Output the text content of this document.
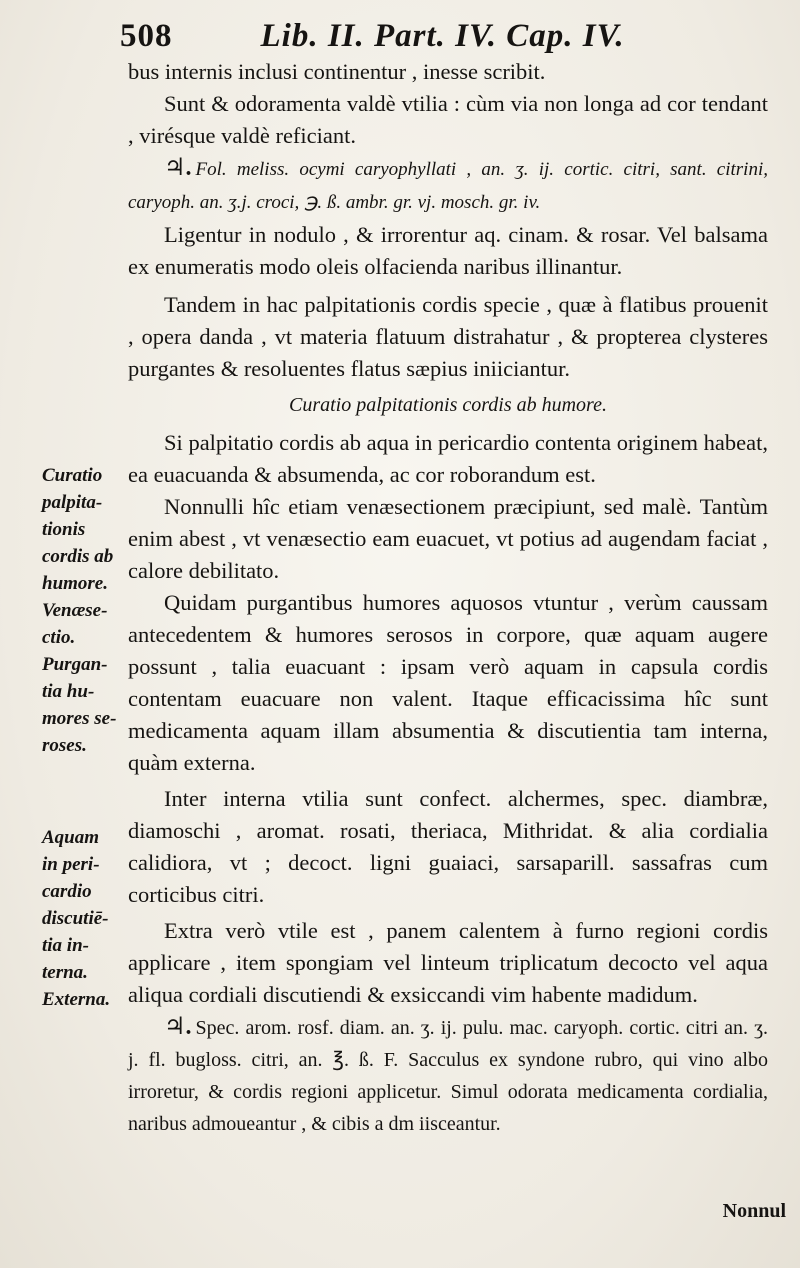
508	Lib. II. Part. IV. Cap. IV.

bus internis inclusi continentur , inesse scribit.

Sunt & odoramenta valdè vtilia : cùm via non longa ad cor tendant , virésque valdè reficiant.

♃. Fol. meliss. ocymi caryophyllati , an. ʒ. ij. cortic. citri, sant. citrini, caryoph. an. ʒ.j. croci, ℈. ß. ambr. gr. vj. mosch. gr. iv.

Ligentur in nodulo , & irrorentur aq. cinam. & rosar. Vel balsama ex enumeratis modo oleis olfacienda naribus illinantur.

Tandem in hac palpitationis cordis specie , quæ à flatibus prouenit , opera danda , vt materia flatuum distrahatur , & propterea clysteres purgantes & resoluentes flatus sæpius iniiciantur.

Curatio palpitationis cordis ab humore.

Si palpitatio cordis ab aqua in pericardio contenta originem habeat, ea euacuanda & absumenda, ac cor roborandum est.

Nonnulli hîc etiam venæsectionem præcipiunt, sed malè. Tantùm enim abest , vt venæsectio eam euacuet, vt potius ad augendam faciat , calore debilitato.

Quidam purgantibus humores aquosos vtuntur , verùm caussam antecedentem & humores serosos in corpore, quæ aquam augere possunt , talia euacuant : ipsam verò aquam in capsula cordis contentam euacuare non valent. Itaque efficacissima hîc sunt medicamenta aquam illam absumentia & discutientia tam interna, quàm externa.

Inter interna vtilia sunt confect. alchermes, spec. diambræ, diamoschi , aromat. rosati, theriaca, Mithridat. & alia cordialia calidiora, vt ; decoct. ligni guaiaci, sarsaparill. sassafras cum corticibus citri.

Extra verò vtile est , panem calentem à furno regioni cordis applicare , item spongiam vel linteum triplicatum decocto vel aqua aliqua cordiali discutiendi & exsiccandi vim habente madidum.

♃. Spec. arom. rosf. diam. an. ʒ. ij. pulu. mac. caryoph. cortic. citri an. ʒ. j. fl. bugloss. citri, an. ℥. ß. F. Sacculus ex syndone rubro, qui vino albo irroretur, & cordis regioni applicetur. Simul odorata medicamenta cordialia, naribus admoueantur , & cibis a dm iisceantur.

Curatio
palpita-
tionis
cordis ab
humore.
Venæse-
ctio.
Purgan-
tia hu-
mores se-
roses.
Aquam
in peri-
cardio
discutiē-
tia in-
terna.
Externa.
Nonnul
